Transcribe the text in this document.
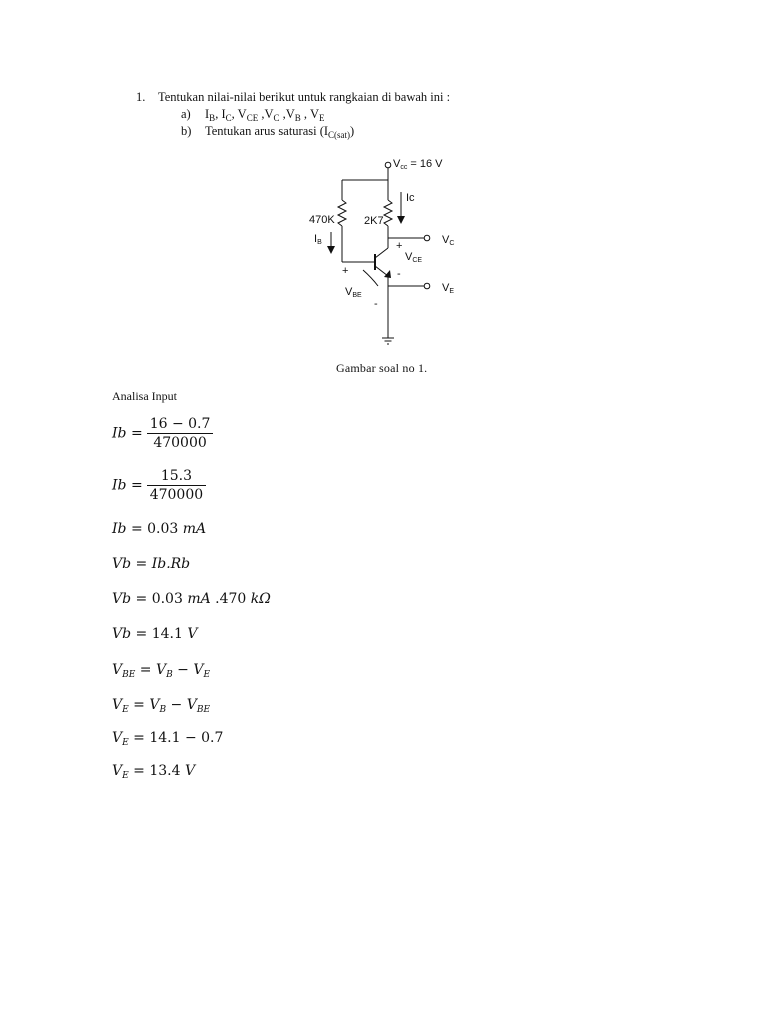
1. Tentukan nilai-nilai berikut untuk rangkaian di bawah ini :
a) $I_B$, $I_C$, $V_{CE}$ $,V_C$ $,V_B$ , $V_E$
b) Tentukan arus saturasi $(I_{C(sat)})$
Vcc = 16 V
Ic
470K	2K7
IB	+
VCE
VC
+	-
VBE
-
VE
Gambar soal no 1.
Analisa Input
$Ib = \frac{16 - 0.7}{470000}$
$Ib = \frac{15.3}{470000}$
Ib = 0.03 mA
Vb = Ib.Rb
Vb = 0.03 mA .470 kΩ
Vb = 14.1 V
$V_{BE} = V_B - V_E$
$V_E = V_B - V_{BE}$
$V_E = 14.1 - 0.7$
$V_E = 13.4$ V
